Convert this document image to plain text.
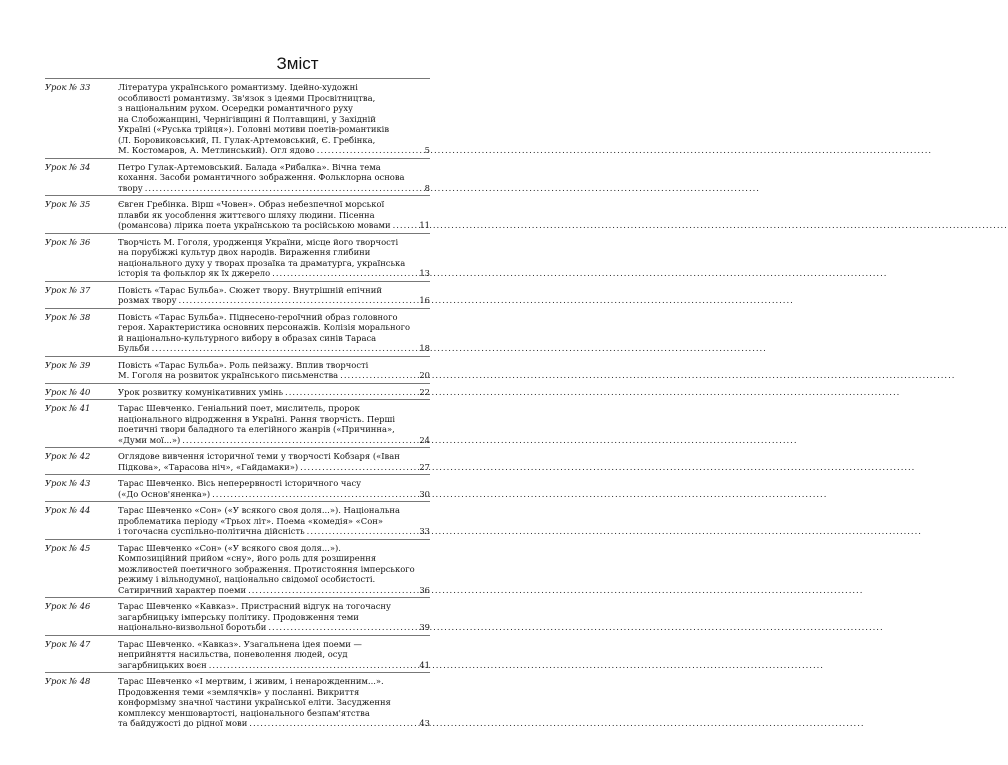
Зміст
Урок № 33	Література українського романтизму. Ідейно-художні
особливості романтизму. Зв'язок з ідеями Просвітництва,
з національним рухом. Осередки романтичного руху
на Слобожанщині, Чернігівщині й Полтавщині, у Західній
Україні («Руська трійця»). Головні мотиви поетів-романтиків
(Л. Боровиковський, П. Гулак-Артемовський, Є. Гребінка,
М. Костомаров, А. Метлинський). Огл ядово .....	5
Урок № 34	Петро Гулак-Артемовський. Балада «Рибалка». Вічна тема
кохання. Засоби романтичного зображення. Фольклорна основа
твору .....	8
Урок № 35	Євген Гребінка. Вірш «Човен». Образ небезпечної морської
плавби як уособлення життєвого шляху людини. Пісенна
(романсова) лірика поета українською та російською мовами .....	11
Урок № 36	Творчість М. Гоголя, уродженця України, місце його творчості
на порубіжжі культур двох народів. Вираження глибини
національного духу у творах прозаїка та драматурга, українська
історія та фольклор як їх джерело .....	13
Урок № 37	Повість «Тарас Бульба». Сюжет твору. Внутрішній епічний
розмах твору .....	16
Урок № 38	Повість «Тарас Бульба». Піднесено-героїчний образ головного
героя. Характеристика основних персонажів. Колізія морального
й національно-культурного вибору в образах синів Тараса
Бульби .....	18
Урок № 39	Повість «Тарас Бульба». Роль пейзажу. Вплив творчості
М. Гоголя на розвиток українського письменства .....	20
Урок № 40	Урок розвитку комунікативних умінь .....	22
Урок № 41	Тарас Шевченко. Геніальний поет, мислитель, пророк
національного відродження в Україні. Рання творчість. Перші
поетичні твори баладного та елегійного жанрів («Причинна»,
«Думи мої...») .....	24
Урок № 42	Оглядове вивчення історичної теми у творчості Кобзаря («Іван
Підкова», «Тарасова ніч», «Гайдамаки») .....	27
Урок № 43	Тарас Шевченко. Вісь неперервності історичного часу
(«До Основ'яненка») .....	30
Урок № 44	Тарас Шевченко «Сон» («У всякого своя доля...»). Національна
проблематика періоду «Трьох літ». Поема «комедія» «Сон»
і тогочасна суспільно-політична дійсність .....	33
Урок № 45	Тарас Шевченко «Сон» («У всякого своя доля...»).
Композиційний прийом «сну», його роль для розширення
можливостей поетичного зображення. Протистояння імперського
режиму і вільнодумної, національно свідомої особистості.
Сатиричний характер поеми .....	36
Урок № 46	Тарас Шевченко «Кавказ». Пристрасний відгук на тогочасну
загарбницьку імперську політику. Продовження теми
національно-визвольної боротьби .....	39
Урок № 47	Тарас Шевченко. «Кавказ». Узагальнена ідея поеми —
неприйняття насильства, поневолення людей, осуд
загарбницьких воєн .....	41
Урок № 48	Тарас Шевченко «І мертвим, і живим, і ненарожденним...».
Продовження теми «землячків» у посланні. Викриття
конформізму значної частини української еліти. Засудження
комплексу меншовартості, національного безпам'ятства
та байдужості до рідної мови .....	43
